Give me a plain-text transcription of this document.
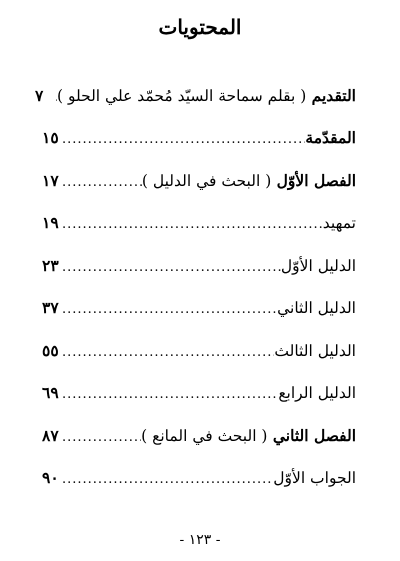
المحتويات
التقديم ( بقلم سماحة السيّد مُحمّد علي الحلو )
.....
٧
المقدّمة
.....
١٥
الفصل الأوّل ( البحث في الدليل )
.....
١٧
تمهيد
.....
١٩
الدليل الأوّل
.....
٢٣
الدليل الثاني
.....
٣٧
الدليل الثالث
.....
٥٥
الدليل الرابع
.....
٦٩
الفصل الثاني ( البحث في المانع )
.....
٨٧
الجواب الأوّل
.....
٩٠
- ١٢٣ -
